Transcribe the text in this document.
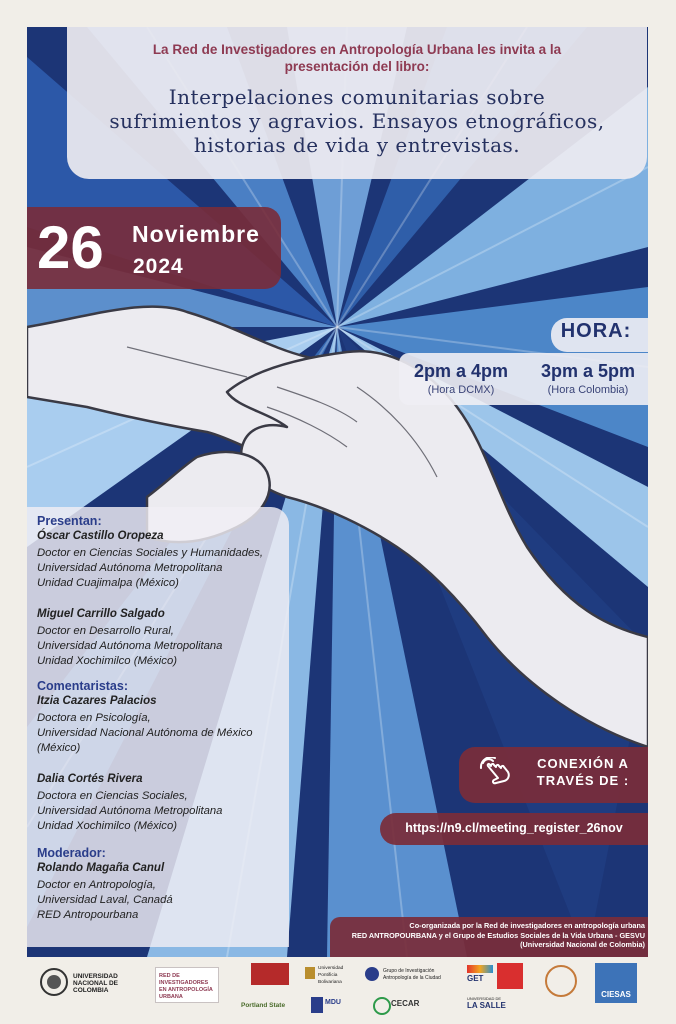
La Red de Investigadores en Antropología Urbana les invita a la
presentación del libro:
Interpelaciones comunitarias sobre
sufrimientos y agravios. Ensayos etnográficos,
historias de vida y entrevistas.
26 Noviembre
2024
HORA:
2pm a 4pm
(Hora DCMX)
3pm a 5pm
(Hora Colombia)
Presentan:
Óscar Castillo Oropeza
Doctor en Ciencias Sociales y Humanidades,
Universidad Autónoma Metropolitana
Unidad Cuajimalpa (México)
Miguel Carrillo Salgado
Doctor en Desarrollo Rural,
Universidad Autónoma Metropolitana
Unidad Xochimilco (México)
Comentaristas:
Itzia Cazares Palacios
Doctora en Psicología,
Universidad Nacional Autónoma de México
(México)
Dalia Cortés Rivera
Doctora en Ciencias Sociales,
Universidad Autónoma Metropolitana
Unidad Xochimilco (México)
Moderador:
Rolando Magaña Canul
Doctor en Antropología,
Universidad Laval, Canadá
RED Antropourbana
CONEXIÓN A
TRAVÉS DE :
https://n9.cl/meeting_register_26nov
Co-organizada por la Red de investigadores en antropología urbana
RED ANTROPOURBANA y el Grupo de Estudios Sociales de la Vida Urbana - GESVU
(Universidad Nacional de Colombia)
UNIVERSIDAD NACIONAL DE COLOMBIA
RED DE INVESTIGADORES EN ANTROPOLOGÍA URBANA
Universidad Pontificia Bolivariana
Grupo de Investigación Antropología de la Ciudad	GET
CIESAS
Portland State	MDU	CECAR
UNIVERSIDAD DE
LA SALLE
